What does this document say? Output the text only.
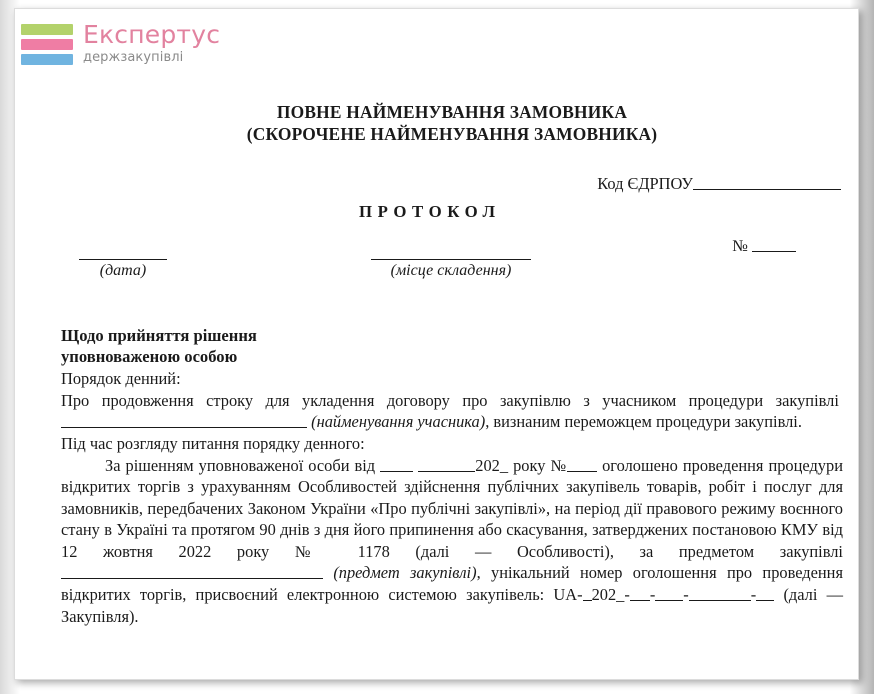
Експертус
держзакупівлі
ПОВНЕ НАЙМЕНУВАННЯ ЗАМОВНИКА
(СКОРОЧЕНЕ НАЙМЕНУВАННЯ ЗАМОВНИКА)
Код ЄДРПОУ
ПРОТОКОЛ
№
(дата)	(місце складення)
Щодо прийняття рішення
уповноваженою особою

Порядок денний:

Про продовження строку для укладення договору про закупівлю з учасником процедури закупівлі   (найменування учасника), визнаним переможцем процедури закупівлі.

Під час розгляду питання порядку денного:

За рішенням уповноваженої особи від	202_ року № оголошено проведення процедури відкритих торгів з урахуванням Особливостей здійснення публічних закупівель товарів, робіт і послуг для замовників, передбачених Законом України «Про публічні закупівлі», на період дії правового режиму воєнного стану в Україні та протягом 90 днів з дня його припинення або скасування, затверджених постановою КМУ від 12 жовтня 2022 року № 1178 (далі — Особливості), за предметом закупівлі  (предмет закупівлі), унікальний номер оголошення про проведення відкритих торгів, присвоєний електронною системою закупівель: UA- 202_- - -	- (далі — Закупівля).
